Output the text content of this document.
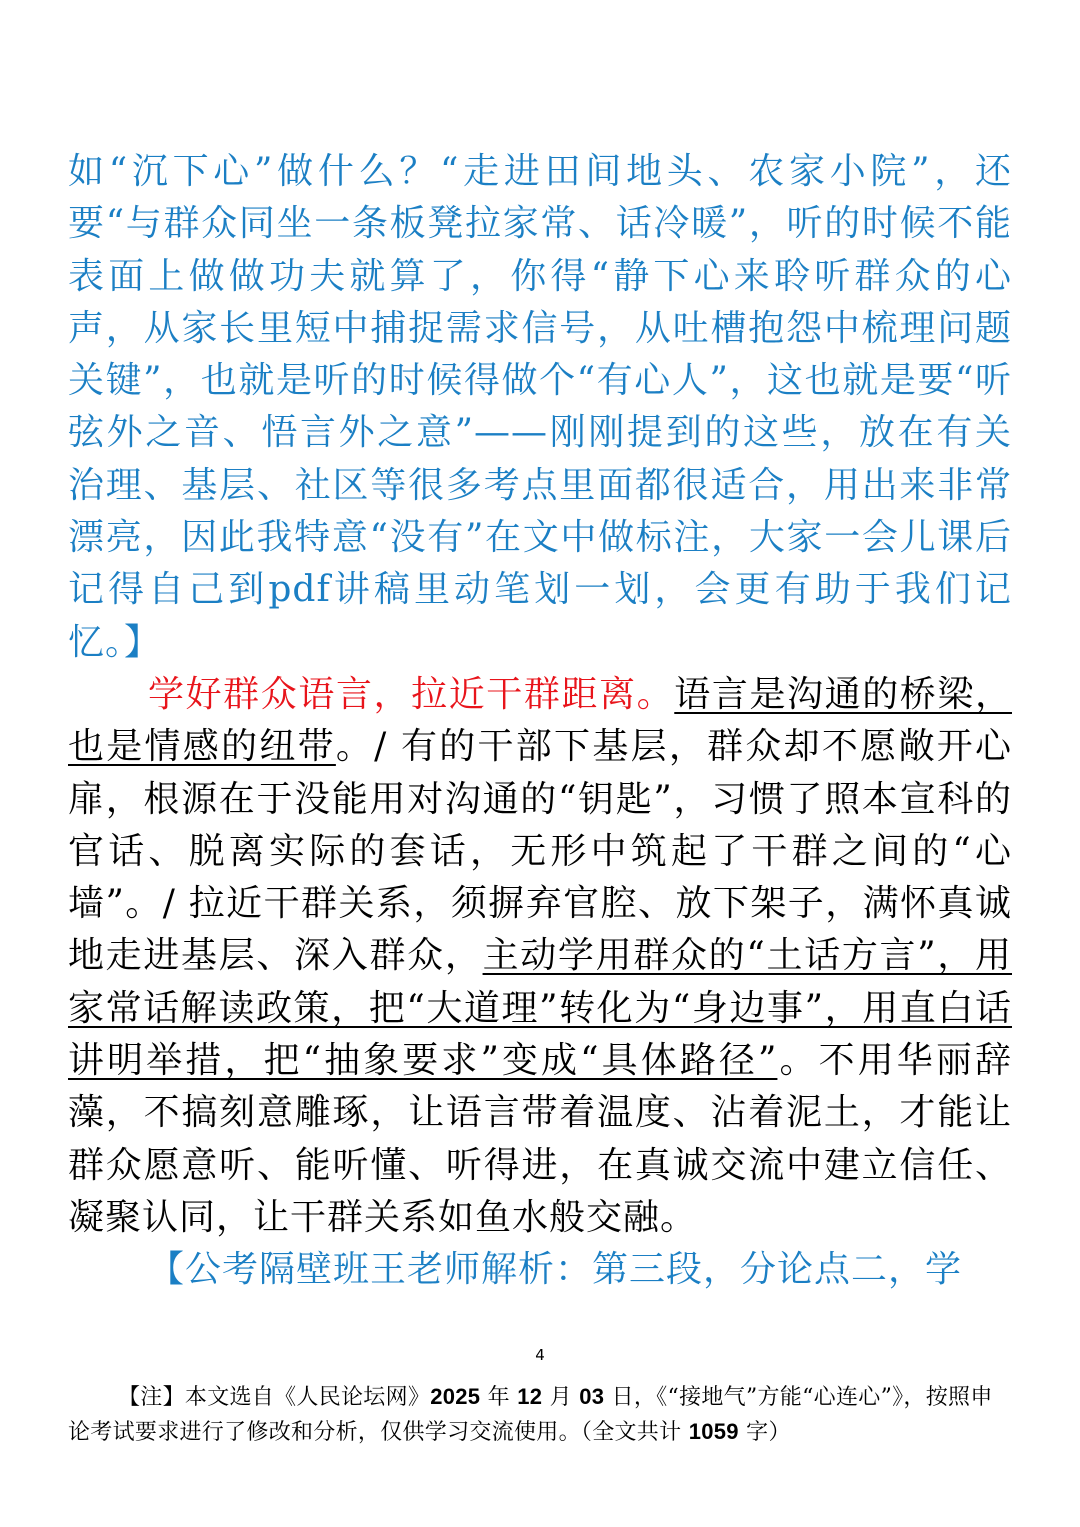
如“沉下心”做什么？“走进田间地头、农家小院”，还要“与群众同坐一条板凳拉家常、话冷暖”，听的时候不能表面上做做功夫就算了，你得“静下心来聆听群众的心声，从家长里短中捕捉需求信号，从吐槽抱怨中梳理问题关键”，也就是听的时候得做个“有心人”，这也就是要“听弦外之音、悟言外之意”——刚刚提到的这些，放在有关治理、基层、社区等很多考点里面都很适合，用出来非常漂亮，因此我特意“没有”在文中做标注，大家一会儿课后记得自己到pdf讲稿里动笔划一划，会更有助于我们记忆。】

学好群众语言，拉近干群距离。语言是沟通的桥梁，也是情感的纽带。/ 有的干部下基层，群众却不愿敞开心扉，根源在于没能用对沟通的“钥匙”，习惯了照本宣科的官话、脱离实际的套话，无形中筑起了干群之间的“心墙”。/ 拉近干群关系，须摒弃官腔、放下架子，满怀真诚地走进基层、深入群众，主动学用群众的“土话方言”，用家常话解读政策，把“大道理”转化为“身边事”，用直白话讲明举措，把“抽象要求”变成“具体路径”。不用华丽辞藻，不搞刻意雕琢，让语言带着温度、沾着泥土，才能让群众愿意听、能听懂、听得进，在真诚交流中建立信任、凝聚认同，让干群关系如鱼水般交融。

【公考隔壁班王老师解析：第三段，分论点二，学

4
【注】本文选自《人民论坛网》2025 年 12 月 03 日，《“接地气”方能“心连心”》，按照申论考试要求进行了修改和分析，仅供学习交流使用。（全文共计 1059 字）
